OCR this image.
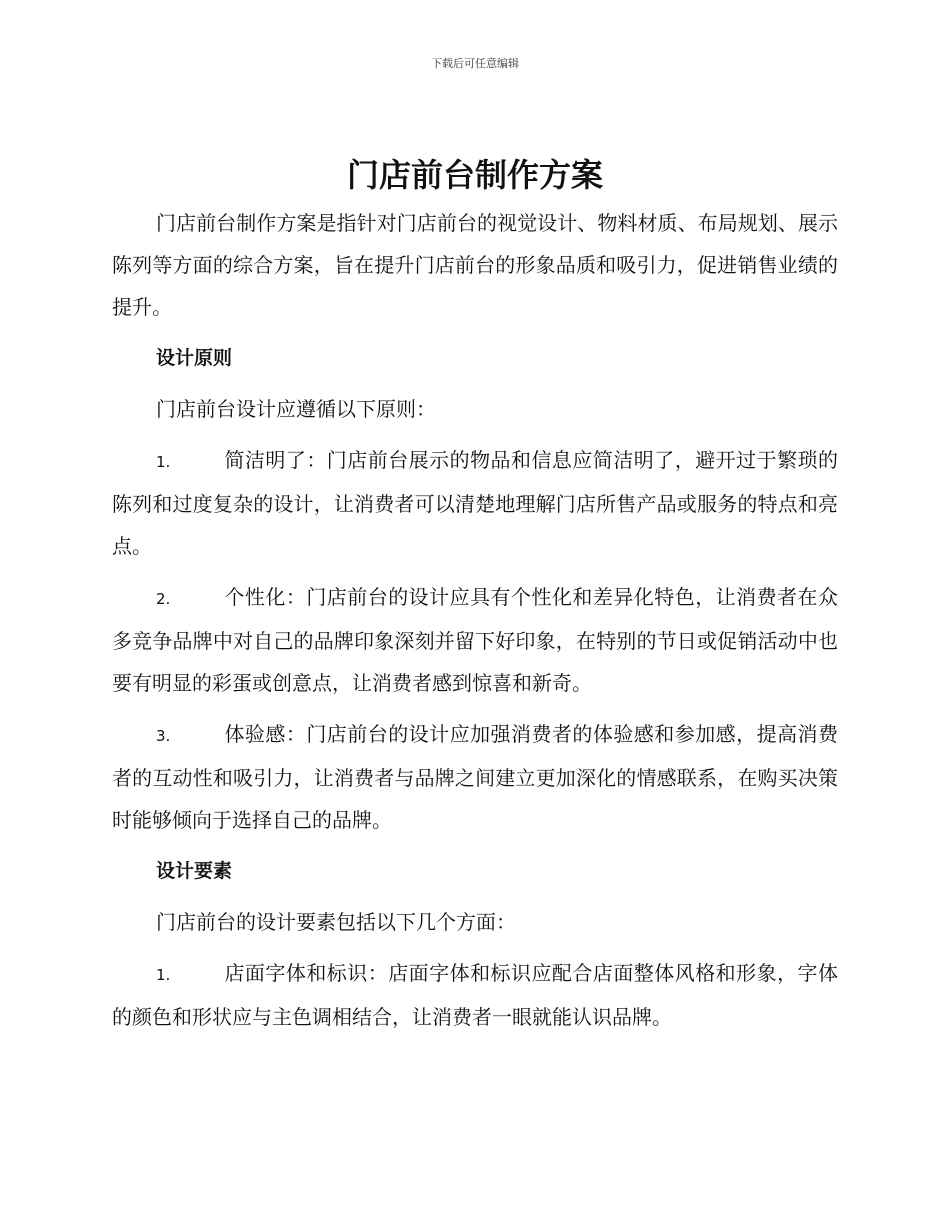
下载后可任意编辑
门店前台制作方案

门店前台制作方案是指针对门店前台的视觉设计、物料材质、布局规划、展示陈列等方面的综合方案，旨在提升门店前台的形象品质和吸引力，促进销售业绩的提升。

设计原则

门店前台设计应遵循以下原则：

1.	简洁明了：门店前台展示的物品和信息应简洁明了，避开过于繁琐的陈列和过度复杂的设计，让消费者可以清楚地理解门店所售产品或服务的特点和亮点。

2.	个性化：门店前台的设计应具有个性化和差异化特色，让消费者在众多竞争品牌中对自己的品牌印象深刻并留下好印象，在特别的节日或促销活动中也要有明显的彩蛋或创意点，让消费者感到惊喜和新奇。

3.	体验感：门店前台的设计应加强消费者的体验感和参加感，提高消费者的互动性和吸引力，让消费者与品牌之间建立更加深化的情感联系，在购买决策时能够倾向于选择自己的品牌。

设计要素

门店前台的设计要素包括以下几个方面：

1.	店面字体和标识：店面字体和标识应配合店面整体风格和形象，字体的颜色和形状应与主色调相结合，让消费者一眼就能认识品牌。
